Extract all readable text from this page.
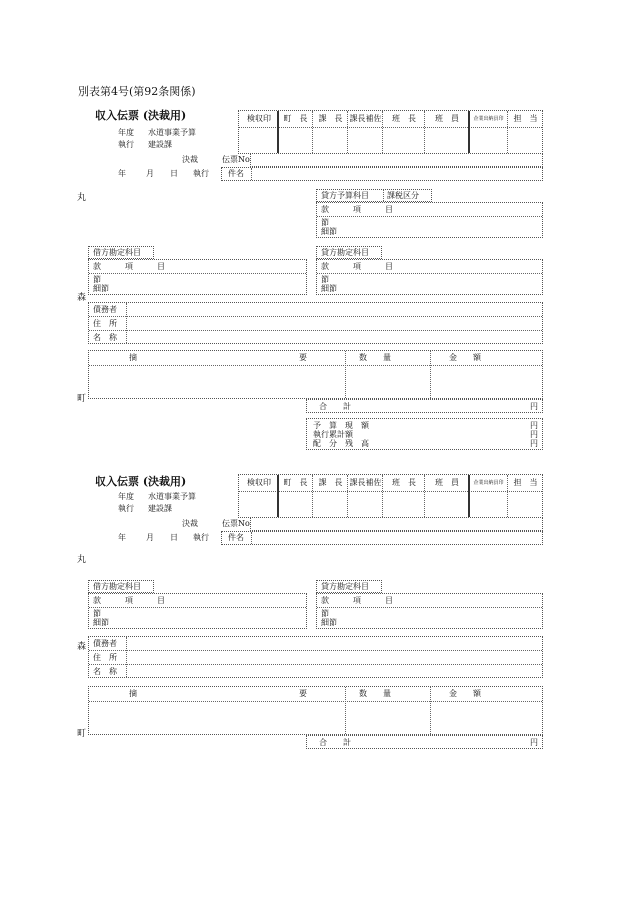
別表第4号(第92条関係)
収入伝票 (決裁用)
年度 水道事業予算
執行 建設課
決裁	伝票No
年	月 日 執行
検収印	町　長	課　長 課長補佐	班　長	班　員	企業出納員印	担　当
件名
丸
森
町
貸方予算科目 課税区分
款　　　項　　　目
節
細節
借方勘定科目
款　　　項　　　目
節
細節
貸方勘定科目
款　　　項　　　目
節
細節
債務者
住　所
名　称
摘	要	数　　量	金　　額
合　　計	円
予　算　現　額	円
執行累計額	円
配　分　残　高	円
収入伝票 (決裁用)
年度 水道事業予算
執行 建設課
決裁	伝票No
年	月 日 執行
検収印	町　長	課　長 課長補佐	班　長	班　員	企業出納員印	担　当
件名
丸
森
町
借方勘定科目
款　　　項　　　目
節
細節
貸方勘定科目
款　　　項　　　目
節
細節
債務者
住　所
名　称
摘	要	数　　量	金　　額
合　　計	円
